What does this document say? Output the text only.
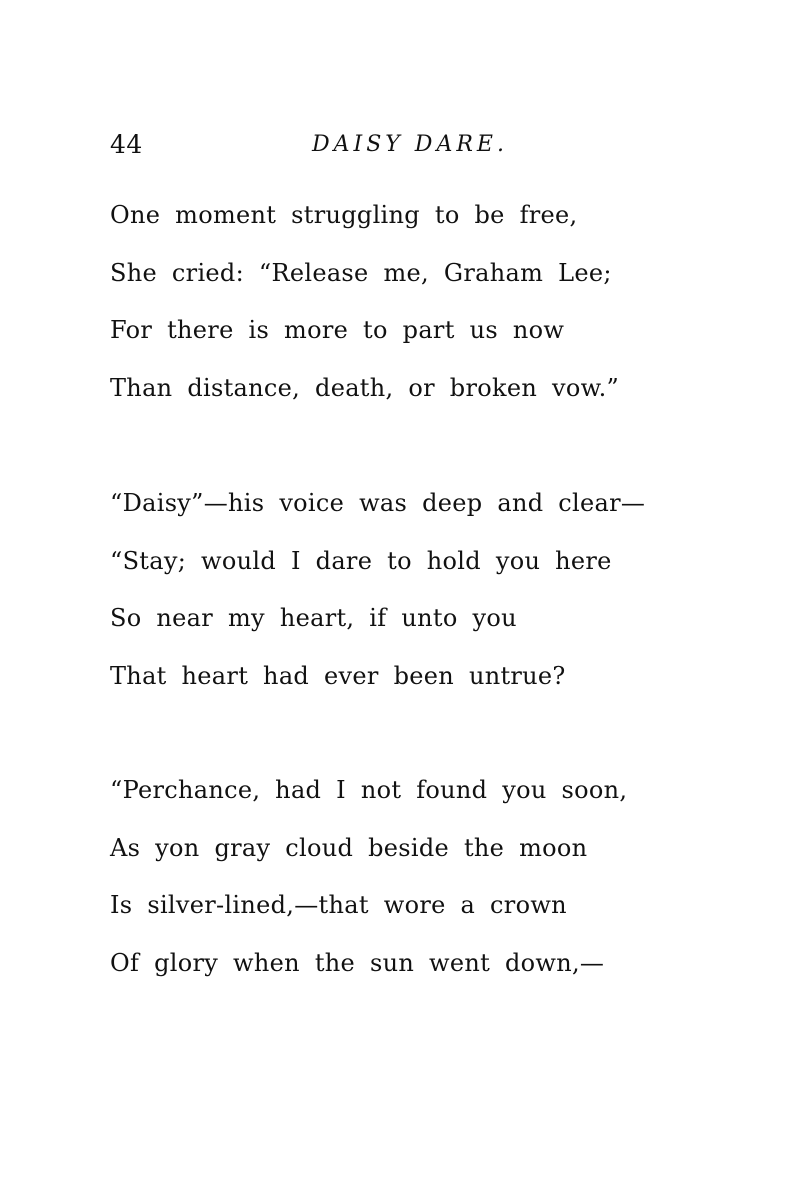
44	DAISY DARE.
One moment struggling to be free,
She cried: “Release me, Graham Lee;
For there is more to part us now
Than distance, death, or broken vow.”
“Daisy”—his voice was deep and clear—
“Stay; would I dare to hold you here
So near my heart, if unto you
That heart had ever been untrue?
“Perchance, had I not found you soon,
As yon gray cloud beside the moon
Is silver-lined,—that wore a crown
Of glory when the sun went down,—
